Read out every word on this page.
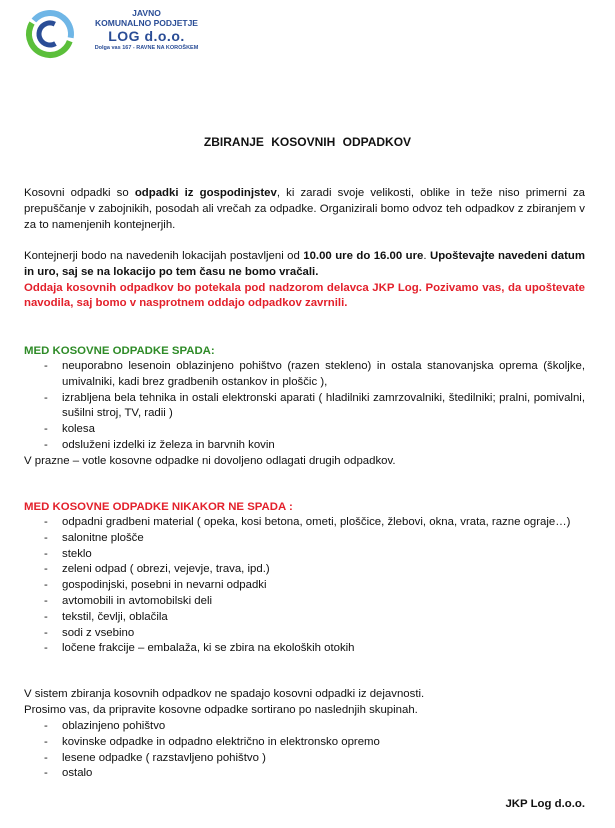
JAVNO
KOMUNALNO PODJETJE
LOG d.o.o.
Dolga vas 167 - RAVNE NA KOROŠKEM
ZBIRANJE KOSOVNIH ODPADKOV
Kosovni odpadki so odpadki iz gospodinjstev, ki zaradi svoje velikosti, oblike in teže niso primerni za prepuščanje v zabojnikih, posodah ali vrečah za odpadke. Organizirali bomo odvoz teh odpadkov z zbiranjem v za to namenjenih kontejnerjih.
Kontejnerji bodo na navedenih lokacijah postavljeni od 10.00 ure do 16.00 ure. Upoštevajte navedeni datum in uro, saj se na lokacijo po tem času ne bomo vračali.
Oddaja kosovnih odpadkov bo potekala pod nadzorom delavca JKP Log. Pozivamo vas, da upoštevate navodila, saj bomo v nasprotnem oddajo odpadkov zavrnili.
MED KOSOVNE ODPADKE SPADA:
- neuporabno lesenoin oblazinjeno pohištvo (razen stekleno) in ostala stanovanjska oprema (školjke, umivalniki, kadi brez gradbenih ostankov in ploščic ),
- izrabljena bela tehnika in ostali elektronski aparati ( hladilniki zamrzovalniki, štedilniki; pralni, pomivalni, sušilni stroj, TV, radii )
- kolesa
- odsluženi izdelki iz železa in barvnih kovin
V prazne – votle kosovne odpadke ni dovoljeno odlagati drugih odpadkov.
MED KOSOVNE ODPADKE NIKAKOR NE SPADA :
- odpadni gradbeni material ( opeka, kosi betona, ometi, ploščice, žlebovi, okna, vrata, razne ograje…)
- salonitne plošče
- steklo
- zeleni odpad ( obrezi, vejevje, trava, ipd.)
- gospodinjski, posebni in nevarni odpadki
- avtomobili in avtomobilski deli
- tekstil, čevlji, oblačila
- sodi z vsebino
- ločene frakcije – embalaža, ki se zbira na ekoloških otokih
V sistem zbiranja kosovnih odpadkov ne spadajo kosovni odpadki iz dejavnosti.
Prosimo vas, da pripravite kosovne odpadke sortirano po naslednjih skupinah.
- oblazinjeno pohištvo
- kovinske odpadke in odpadno električno in elektronsko opremo
- lesene odpadke ( razstavljeno pohištvo )
- ostalo
JKP Log d.o.o.
